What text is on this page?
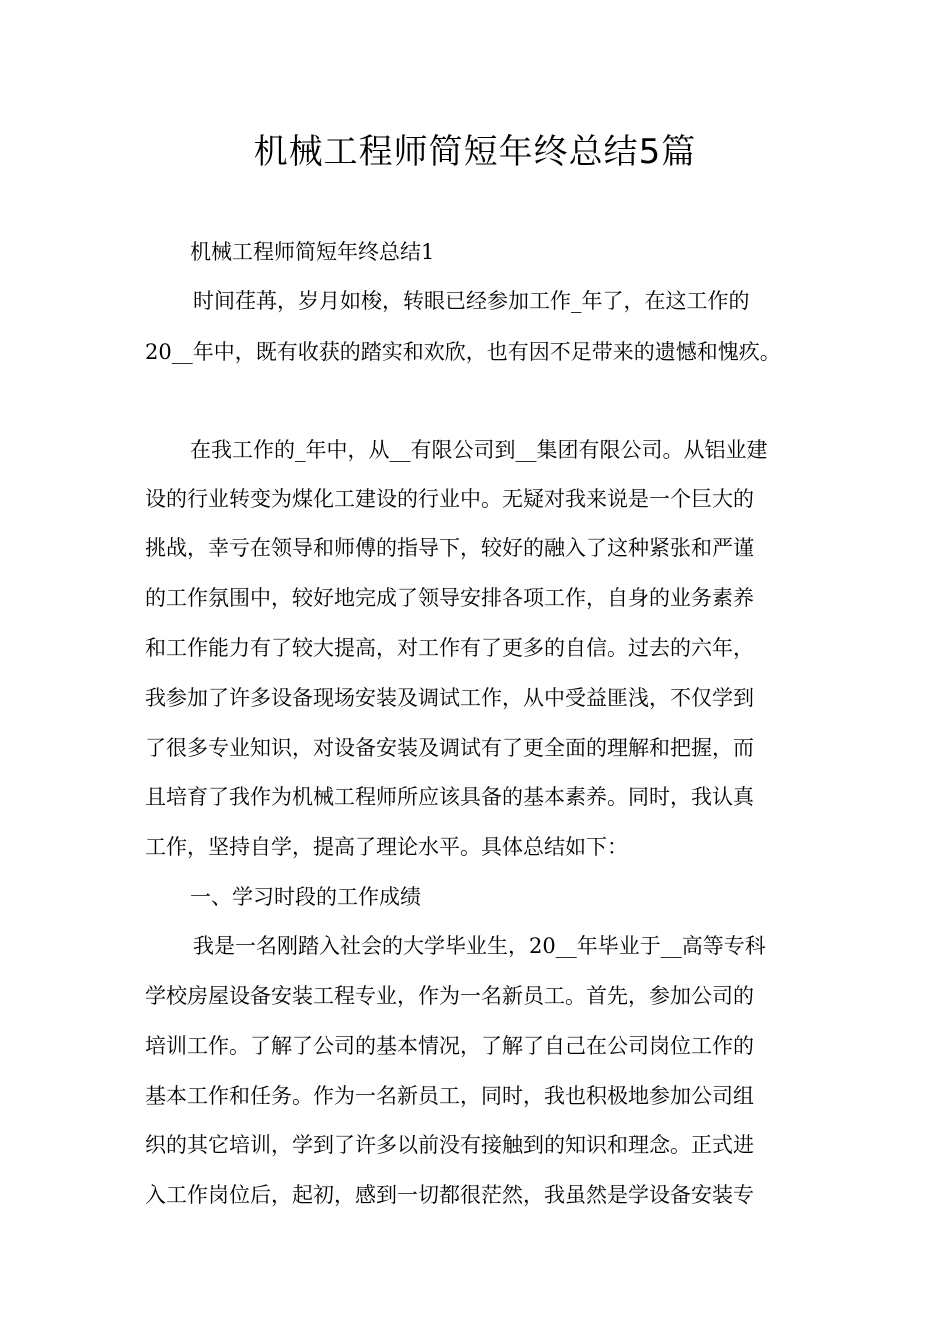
机械工程师简短年终总结5篇

机械工程师简短年终总结1

时间荏苒，岁月如梭，转眼已经参加工作_年了，在这工作的

20__年中，既有收获的踏实和欢欣，也有因不足带来的遗憾和愧疚。

在我工作的_年中，从__有限公司到__集团有限公司。从铝业建

设的行业转变为煤化工建设的行业中。无疑对我来说是一个巨大的

挑战，幸亏在领导和师傅的指导下，较好的融入了这种紧张和严谨

的工作氛围中，较好地完成了领导安排各项工作，自身的业务素养

和工作能力有了较大提高，对工作有了更多的自信。过去的六年，

我参加了许多设备现场安装及调试工作，从中受益匪浅，不仅学到

了很多专业知识，对设备安装及调试有了更全面的理解和把握，而

且培育了我作为机械工程师所应该具备的基本素养。同时，我认真

工作，坚持自学，提高了理论水平。具体总结如下：

一、学习时段的工作成绩

我是一名刚踏入社会的大学毕业生，20__年毕业于__高等专科

学校房屋设备安装工程专业，作为一名新员工。首先，参加公司的

培训工作。了解了公司的基本情况，了解了自己在公司岗位工作的

基本工作和任务。作为一名新员工，同时，我也积极地参加公司组

织的其它培训，学到了许多以前没有接触到的知识和理念。正式进

入工作岗位后，起初，感到一切都很茫然，我虽然是学设备安装专
